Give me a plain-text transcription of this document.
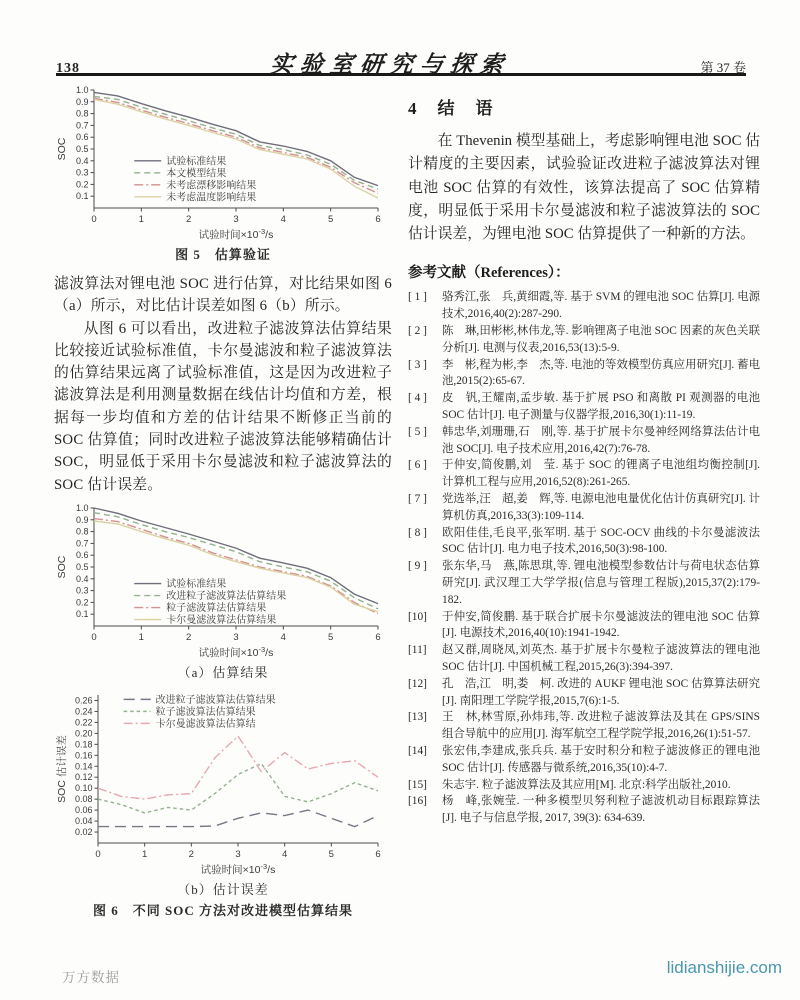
138	实验室研究与探索	第 37 卷
0.1
0.2
0.3
0.4
0.5
0.6
0.7
0.8
0.9
1.0
0	1	2	3	4	5	6
SOC
试验时间$\times 10^{-3}/s$
试验标准结果
本文模型结果
未考虑漂移影响结果
未考虑温度影响结果
图 5　估算验证

滤波算法对锂电池 SOC 进行估算，对比结果如图 6（a）所示，对比估计误差如图 6（b）所示。

从图 6 可以看出，改进粒子滤波算法估算结果比较接近试验标准值，卡尔曼滤波和粒子滤波算法的估算结果远离了试验标准值，这是因为改进粒子滤波算法是利用测量数据在线估计均值和方差，根据每一步均值和方差的估计结果不断修正当前的 SOC 估算值；同时改进粒子滤波算法能够精确估计 SOC，明显低于采用卡尔曼滤波和粒子滤波算法的 SOC 估计误差。

0.1
0.2
0.3
0.4
0.5
0.6
0.7
0.8
0.9
1.0
0	1	2	3	4	5	6
SOC
试验时间$\times 10^{-3}/s$
试验标准结果
改进粒子滤波算法估算结果
粒子滤波算法估算结果
卡尔曼滤波算法估算结果
（a）估算结果
0.02
0.04
0.06
0.08
0.10
0.12
0.14
0.16
0.18
0.20
0.22
0.24
0.26
0	1	2	3	4	5	6
SOC 估计误差
试验时间$\times 10^{-3}/s$
改进粒子滤波算法估算结果
粒子滤波算法估算结果
卡尔曼滤波算法估算结
（b）估计误差
图 6　不同 SOC 方法对改进模型估算结果
4　结　语

在 Thevenin 模型基础上，考虑影响锂电池 SOC 估计精度的主要因素，试验验证改进粒子滤波算法对锂电池 SOC 估算的有效性，该算法提高了 SOC 估算精度，明显低于采用卡尔曼滤波和粒子滤波算法的 SOC 估计误差，为锂电池 SOC 估算提供了一种新的方法。

参考文献（References）：
[ 1 ]	骆秀江,张　兵,黄细霞,等. 基于 SVM 的锂电池 SOC 估算[J]. 电源技术,2016,40(2):287-290.
[ 2 ]	陈　琳,田彬彬,林伟龙,等. 影响锂离子电池 SOC 因素的灰色关联分析[J]. 电测与仪表,2016,53(13):5-9.
[ 3 ]	李　彬,程为彬,李　杰,等. 电池的等效模型仿真应用研究[J]. 蓄电池,2015(2):65-67.
[ 4 ]	皮　钒,王耀南,孟步敏. 基于扩展 PSO 和离散 PI 观测器的电池 SOC 估计[J]. 电子测量与仪器学报,2016,30(1):11-19.
[ 5 ]	韩忠华,刘珊珊,石　刚,等. 基于扩展卡尔曼神经网络算法估计电池 SOC[J]. 电子技术应用,2016,42(7):76-78.
[ 6 ]	于仲安,简俊鹏,刘　莹. 基于 SOC 的锂离子电池组均衡控制[J]. 计算机工程与应用,2016,52(8):261-265.
[ 7 ]	党选举,汪　超,姜　辉,等. 电源电池电量优化估计仿真研究[J]. 计算机仿真,2016,33(3):109-114.
[ 8 ]	欧阳佳佳,毛良平,张军明. 基于 SOC-OCV 曲线的卡尔曼滤波法 SOC 估计[J]. 电力电子技术,2016,50(3):98-100.
[ 9 ]	张东华,马　燕,陈思琪,等. 锂电池模型参数估计与荷电状态估算研究[J]. 武汉理工大学学报(信息与管理工程版),2015,37(2):179-182.
[10]	于仲安,简俊鹏. 基于联合扩展卡尔曼滤波法的锂电池 SOC 估算[J]. 电源技术,2016,40(10):1941-1942.
[11]	赵又群,周晓凤,刘英杰. 基于扩展卡尔曼粒子滤波算法的锂电池 SOC 估计[J]. 中国机械工程,2015,26(3):394-397.
[12]	孔　浩,江　明,娄　柯. 改进的 AUKF 锂电池 SOC 估算算法研究[J]. 南阳理工学院学报,2015,7(6):1-5.
[13]	王　林,林雪原,孙炜玮,等. 改进粒子滤波算法及其在 GPS/SINS 组合导航中的应用[J]. 海军航空工程学院学报,2016,26(1):51-57.
[14]	张宏伟,李建成,张兵兵. 基于安时积分和粒子滤波修正的锂电池 SOC 估计[J]. 传感器与微系统,2016,35(10):4-7.
[15]	朱志宇. 粒子滤波算法及其应用[M]. 北京:科学出版社,2010.
[16]	杨　峰,张婉莹. 一种多模型贝努利粒子滤波机动目标跟踪算法[J]. 电子与信息学报, 2017, 39(3): 634-639.
万方数据
lidianshijie.com
